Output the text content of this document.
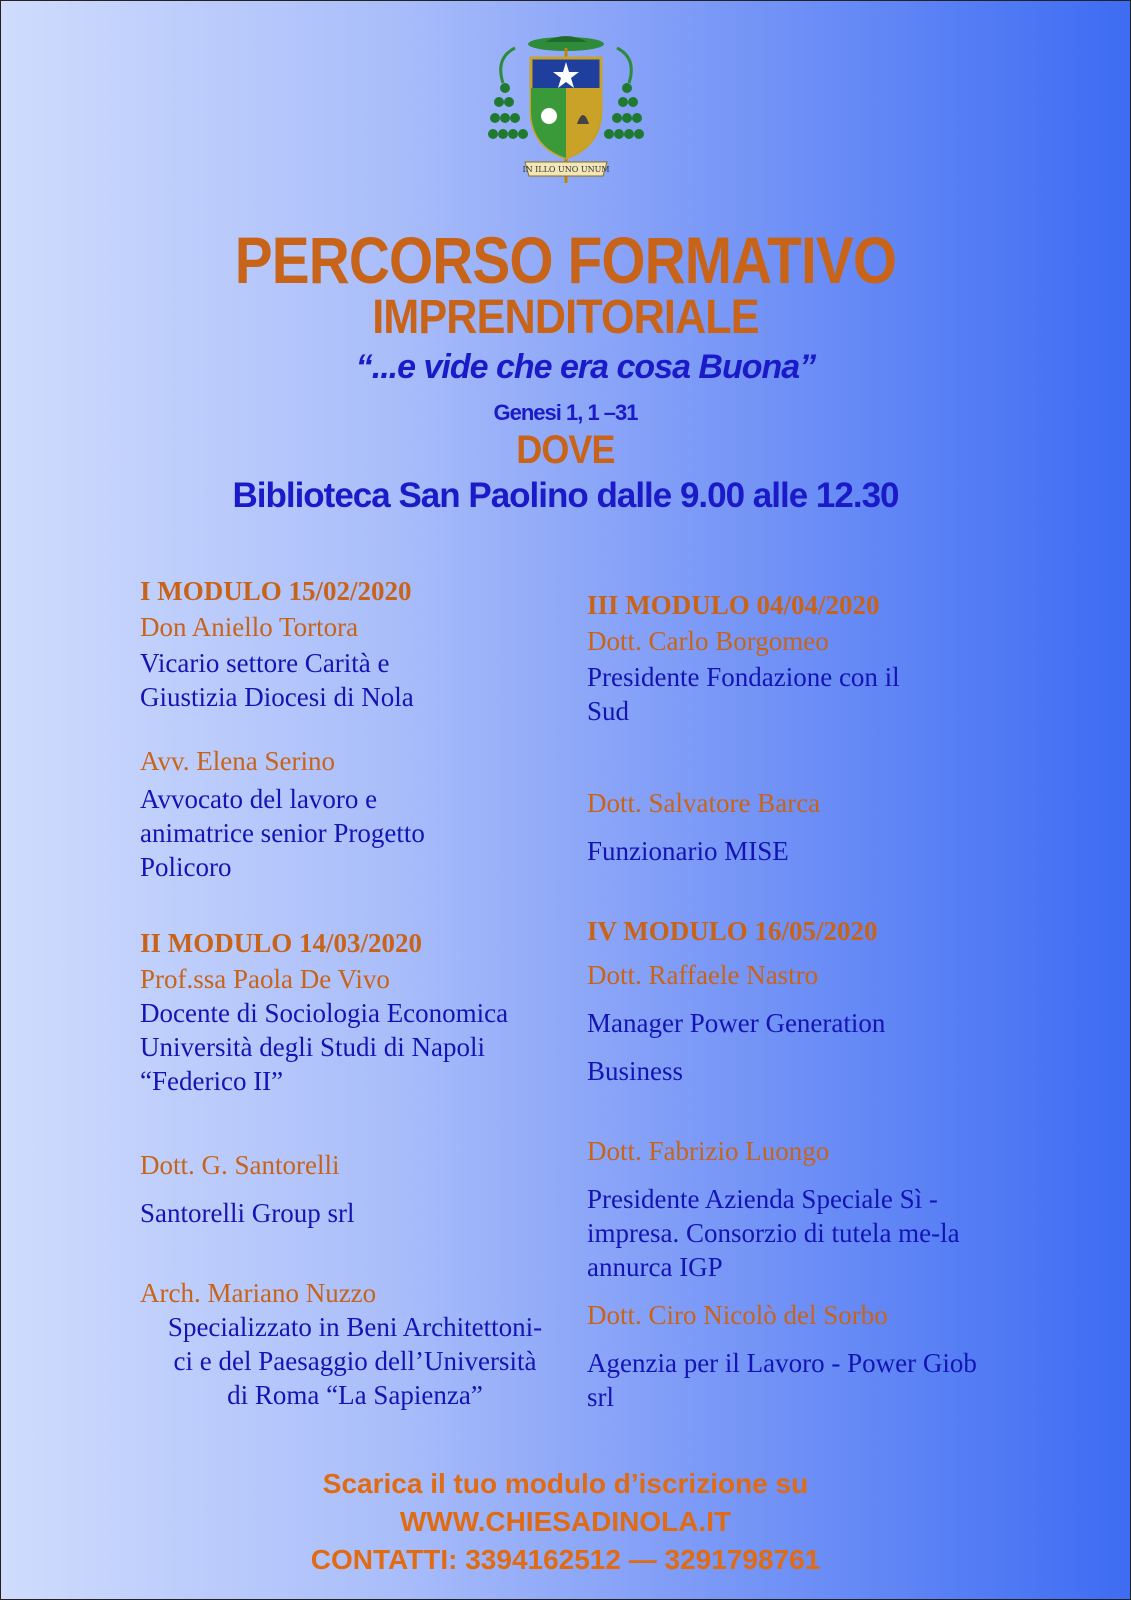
IN ILLO UNO UNUM
PERCORSO FORMATIVO
IMPRENDITORIALE
“...e vide che era cosa Buona”
Genesi 1, 1 –31
DOVE
Biblioteca San Paolino dalle 9.00 alle 12.30
I MODULO 15/02/2020
Don Aniello Tortora
Vicario settore Carità e Giustizia Diocesi di Nola
Avv. Elena Serino
Avvocato del lavoro e animatrice senior Progetto Policoro
II MODULO 14/03/2020
Prof.ssa Paola De Vivo
Docente di Sociologia Economica
Università degli Studi di Napoli
“Federico II”
Dott. G. Santorelli
Santorelli Group srl
Arch. Mariano Nuzzo
Specializzato in Beni Architettoni-
ci e del Paesaggio dell’Università
di Roma “La Sapienza”
III MODULO 04/04/2020
Dott. Carlo Borgomeo
Presidente Fondazione con il Sud
Dott. Salvatore Barca
Funzionario MISE
IV MODULO 16/05/2020
Dott. Raffaele Nastro
Manager Power Generation
Business
Dott. Fabrizio Luongo
Presidente Azienda Speciale Sì - impresa. Consorzio di tutela me-la annurca IGP
Dott. Ciro Nicolò del Sorbo
Agenzia per il Lavoro - Power Giob srl
Scarica il tuo modulo d’iscrizione su
WWW.CHIESADINOLA.IT
CONTATTI: 3394162512 — 3291798761
